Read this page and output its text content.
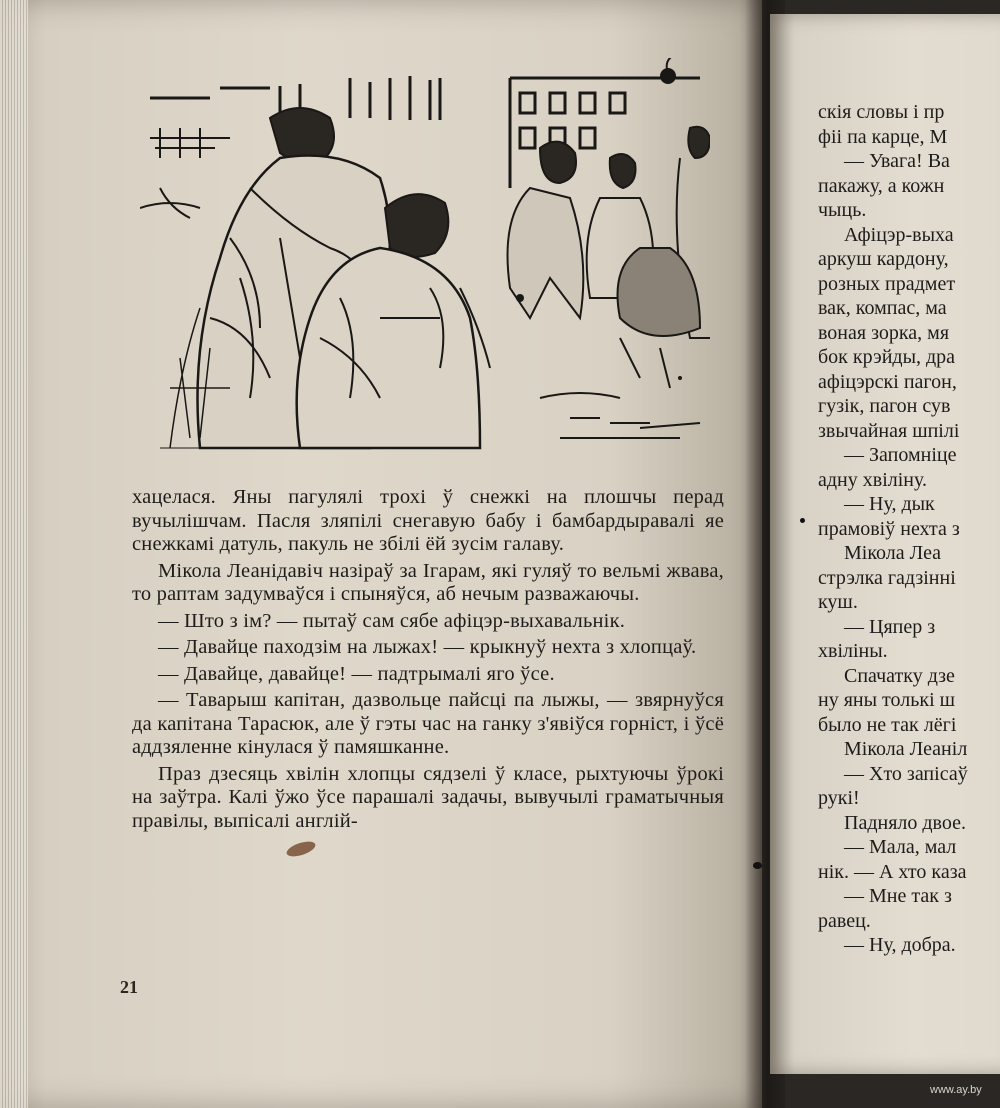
хацелася. Яны пагулялі трохі ў снежкі на плошчы перад вучылішчам. Пасля зляпілі снегавую бабу і бамбардыравалі яе снежкамі датуль, пакуль не збілі ёй зусім галаву.

Мікола Леанідавіч назіраў за Ігарам, які гуляў то вельмі жвава, то раптам задумваўся і спыняўся, аб нечым разважаючы.

— Што з ім? — пытаў сам сябе афіцэр-выхавальнік.

— Давайце паходзім на лыжах! — крыкнуў нехта з хлопцаў.

— Давайце, давайце! — падтрымалі яго ўсе.

— Таварыш капітан, дазвольце пайсці па лыжы, — звярнуўся да капітана Тарасюк, але ў гэты час на ганку з'явіўся горніст, і ўсё аддзяленне кінулася ў памяшканне.

Праз дзесяць хвілін хлопцы сядзелі ў класе, рыхтуючы ўрокі на заўтра. Калі ўжо ўсе парашалі задачы, вывучылі граматычныя правілы, выпісалі англій-

21
скія словы і пр
фіі па карце, М
— Увага! Ва
пакажу, а кожн
чыць.
Афіцэр-выха
аркуш кардону,
розных прадмет
вак, компас, ма
воная зорка, мя
бок крэйды, дра
афіцэрскі пагон,
гузік, пагон сув
звычайная шпілі
— Запомніце
адну хвіліну.
— Ну, дык
прамовіў нехта з
Мікола Леа
стрэлка гадзінні
куш.
— Цяпер з
хвіліны.
Спачатку дзе
ну яны толькі ш
было не так лёгі
Мікола Леаніл
— Хто запісаў
рукі!
Падняло двое.
— Мала, мал
нік. — А хто каза
— Мне так з
равец.
— Ну, добра.
www.ay.by
